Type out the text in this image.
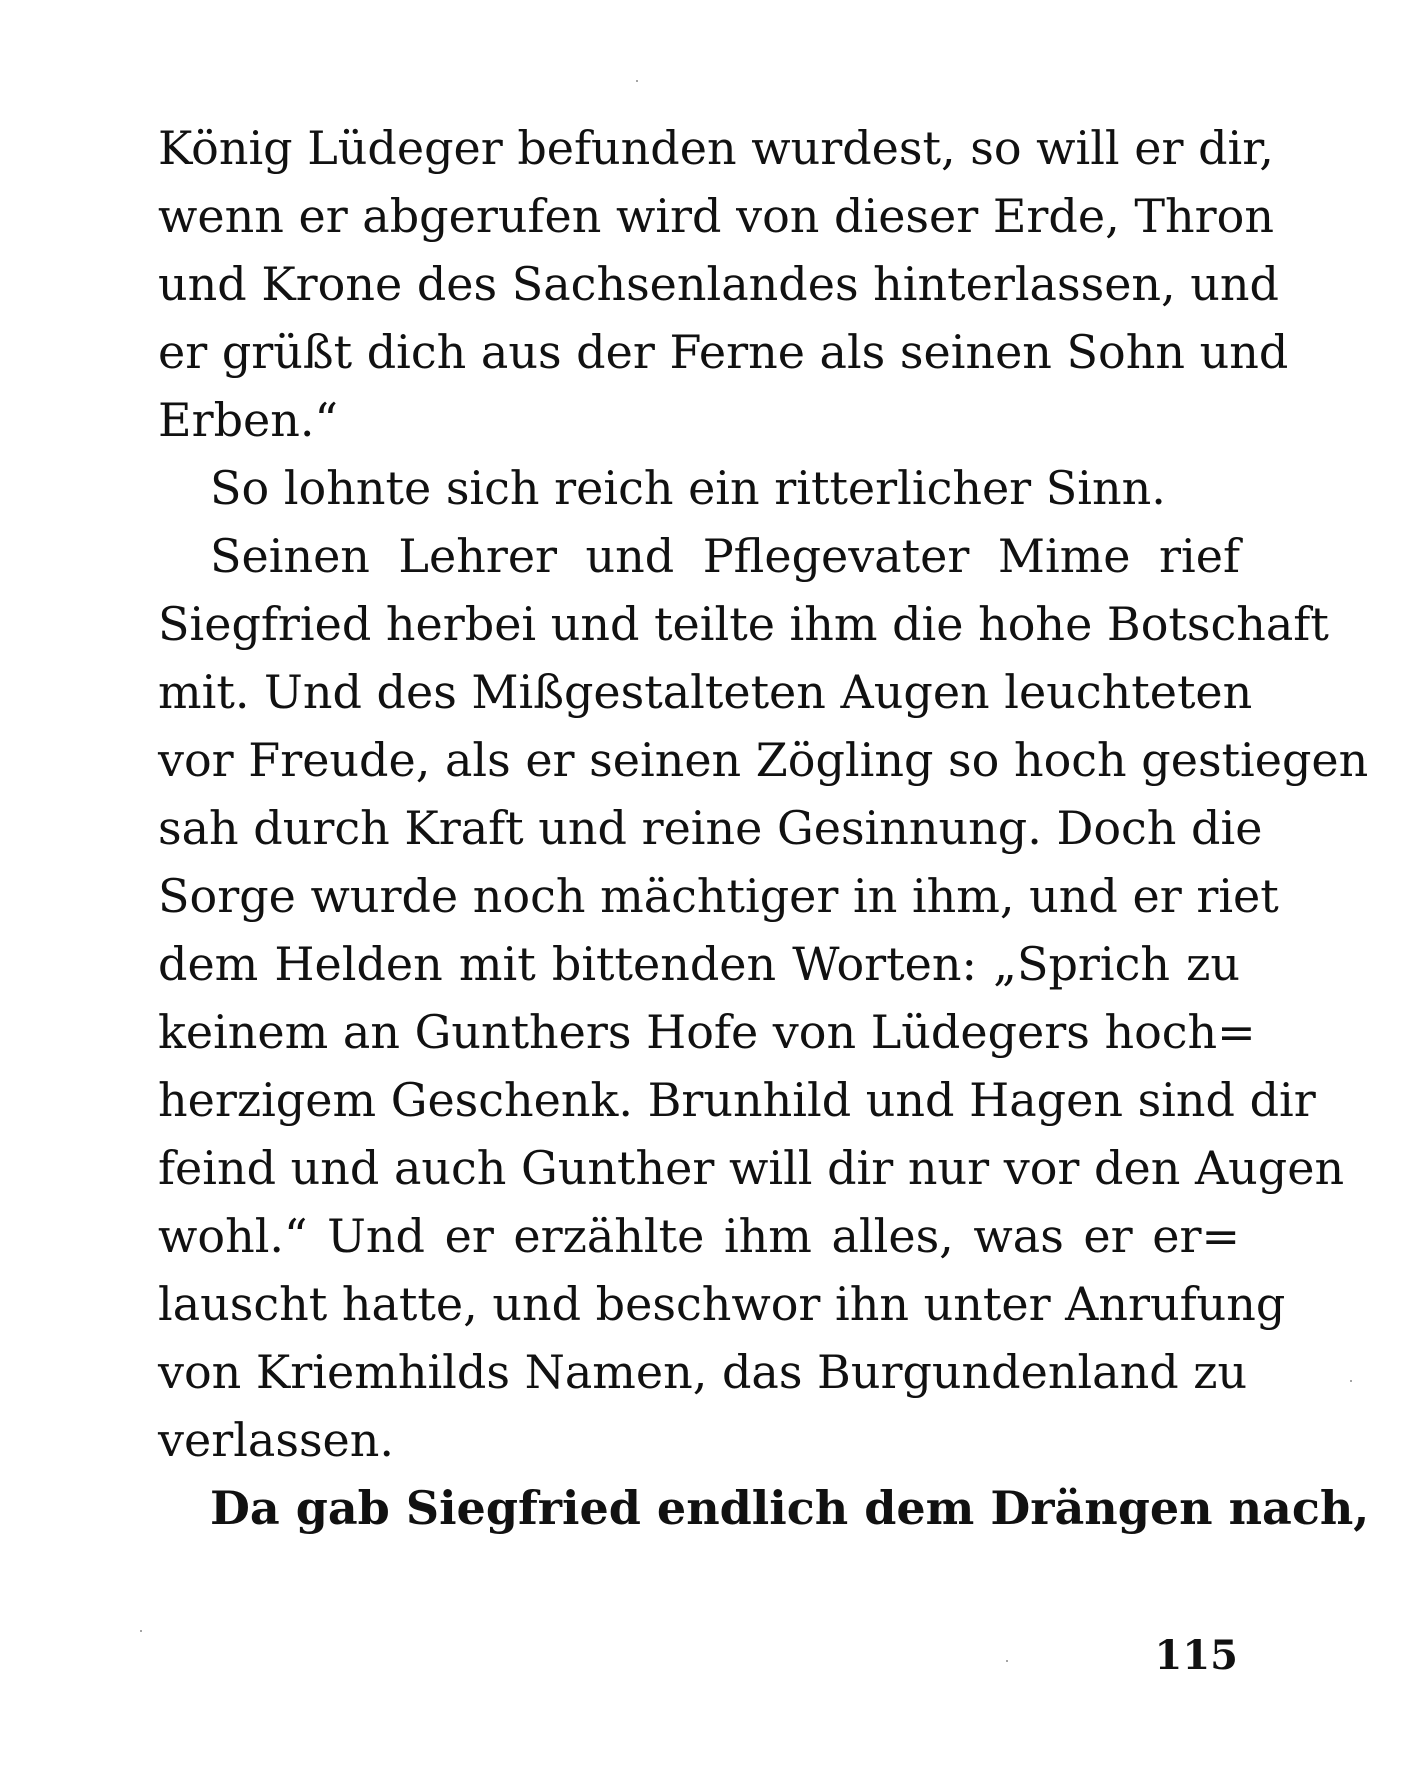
König Lüdeger befunden wurdest, so will er dir,
wenn er abgerufen wird von dieser Erde, Thron
und Krone des Sachsenlandes hinterlassen, und
er grüßt dich aus der Ferne als seinen Sohn und
Erben.“
So lohnte sich reich ein ritterlicher Sinn.
Seinen Lehrer und Pflegevater Mime rief
Siegfried herbei und teilte ihm die hohe Botschaft
mit. Und des Mißgestalteten Augen leuchteten
vor Freude, als er seinen Zögling so hoch gestiegen
sah durch Kraft und reine Gesinnung. Doch die
Sorge wurde noch mächtiger in ihm, und er riet
dem Helden mit bittenden Worten: „Sprich zu
keinem an Gunthers Hofe von Lüdegers hoch=
herzigem Geschenk. Brunhild und Hagen sind dir
feind und auch Gunther will dir nur vor den Augen
wohl.“ Und er erzählte ihm alles, was er er=
lauscht hatte, und beschwor ihn unter Anrufung
von Kriemhilds Namen, das Burgundenland zu
verlassen.
Da gab Siegfried endlich dem Drängen nach,
115
